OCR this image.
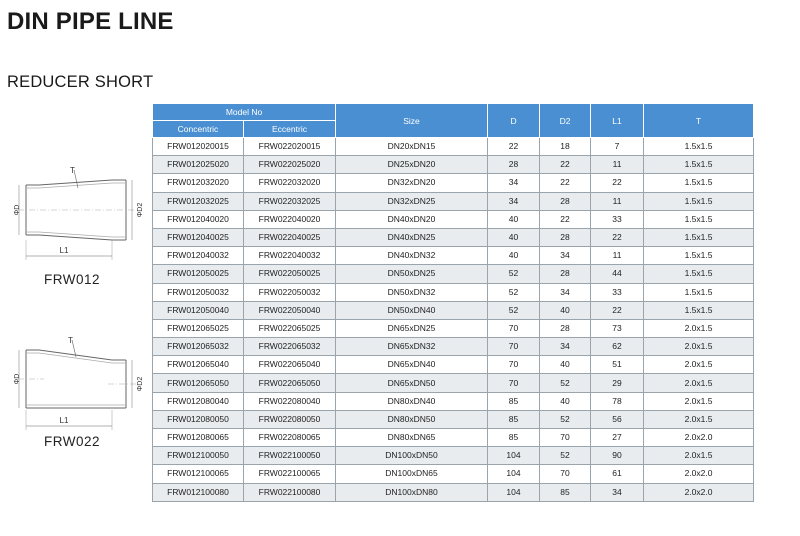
DIN PIPE LINE
REDUCER SHORT
T
ΦD	ΦD2
L1
FRW012
T
ΦD	ΦD2
L1
FRW022
Model No		Size	D	D2	L1	T
Concentric	Eccentric					
FRW012020015	FRW022020015	DN20xDN15	22	18	7	1.5x1.5
FRW012025020	FRW022025020	DN25xDN20	28	22	11	1.5x1.5
FRW012032020	FRW022032020	DN32xDN20	34	22	22	1.5x1.5
FRW012032025	FRW022032025	DN32xDN25	34	28	11	1.5x1.5
FRW012040020	FRW022040020	DN40xDN20	40	22	33	1.5x1.5
FRW012040025	FRW022040025	DN40xDN25	40	28	22	1.5x1.5
FRW012040032	FRW022040032	DN40xDN32	40	34	11	1.5x1.5
FRW012050025	FRW022050025	DN50xDN25	52	28	44	1.5x1.5
FRW012050032	FRW022050032	DN50xDN32	52	34	33	1.5x1.5
FRW012050040	FRW022050040	DN50xDN40	52	40	22	1.5x1.5
FRW012065025	FRW022065025	DN65xDN25	70	28	73	2.0x1.5
FRW012065032	FRW022065032	DN65xDN32	70	34	62	2.0x1.5
FRW012065040	FRW022065040	DN65xDN40	70	40	51	2.0x1.5
FRW012065050	FRW022065050	DN65xDN50	70	52	29	2.0x1.5
FRW012080040	FRW022080040	DN80xDN40	85	40	78	2.0x1.5
FRW012080050	FRW022080050	DN80xDN50	85	52	56	2.0x1.5
FRW012080065	FRW022080065	DN80xDN65	85	70	27	2.0x2.0
FRW012100050	FRW022100050	DN100xDN50	104	52	90	2.0x1.5
FRW012100065	FRW022100065	DN100xDN65	104	70	61	2.0x2.0
FRW012100080	FRW022100080	DN100xDN80	104	85	34	2.0x2.0
